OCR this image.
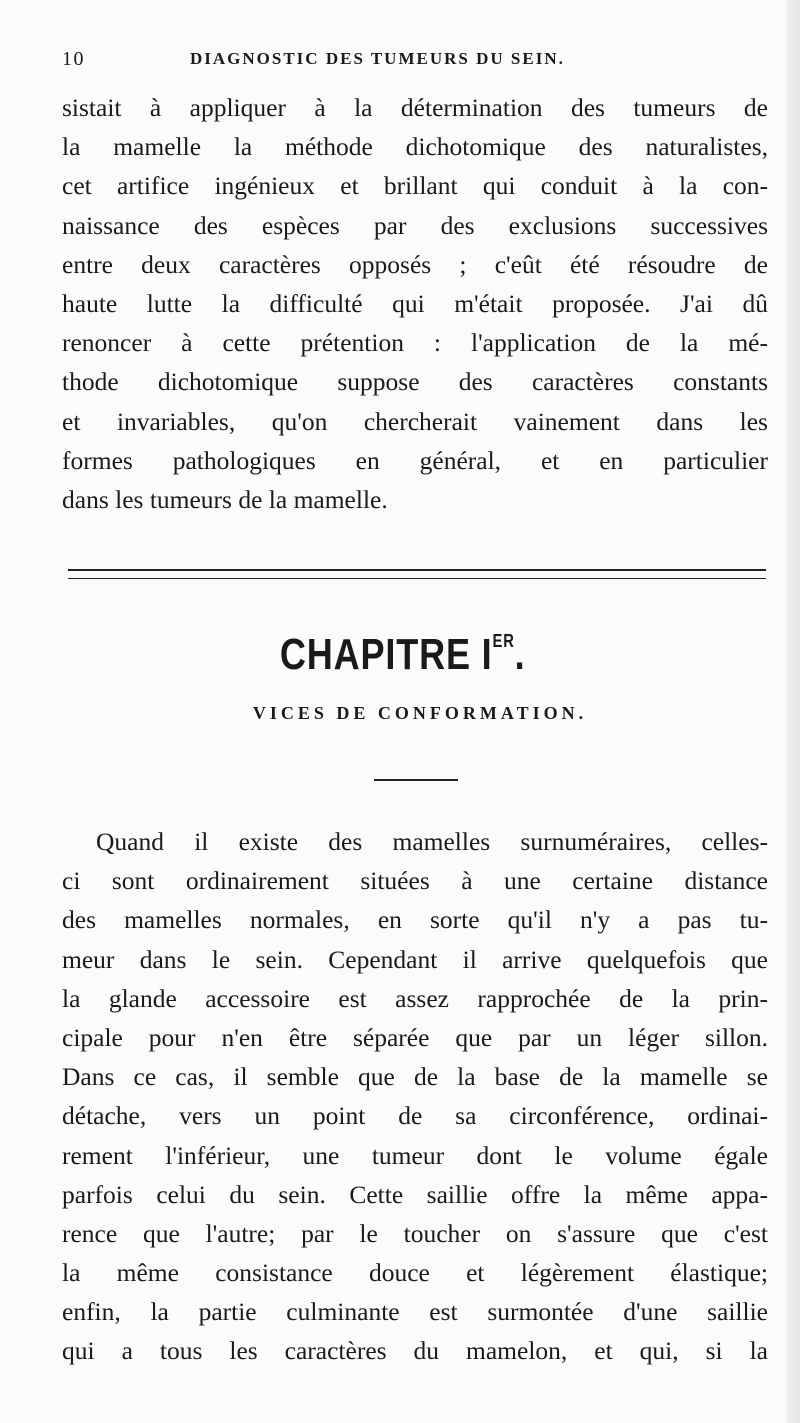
10	DIAGNOSTIC DES TUMEURS DU SEIN.
sistait à appliquer à la détermination des tumeurs de
la mamelle la méthode dichotomique des naturalistes,
cet artifice ingénieux et brillant qui conduit à la con-
naissance des espèces par des exclusions successives
entre deux caractères opposés ; c'eût été résoudre de
haute lutte la difficulté qui m'était proposée. J'ai dû
renoncer à cette prétention : l'application de la mé-
thode dichotomique suppose des caractères constants
et invariables, qu'on chercherait vainement dans les
formes pathologiques en général, et en particulier
dans les tumeurs de la mamelle.
CHAPITRE IER.
VICES DE CONFORMATION.
Quand il existe des mamelles surnuméraires, celles-
ci sont ordinairement situées à une certaine distance
des mamelles normales, en sorte qu'il n'y a pas tu-
meur dans le sein. Cependant il arrive quelquefois que
la glande accessoire est assez rapprochée de la prin-
cipale pour n'en être séparée que par un léger sillon.
Dans ce cas, il semble que de la base de la mamelle se
détache, vers un point de sa circonférence, ordinai-
rement l'inférieur, une tumeur dont le volume égale
parfois celui du sein. Cette saillie offre la même appa-
rence que l'autre; par le toucher on s'assure que c'est
la même consistance douce et légèrement élastique;
enfin, la partie culminante est surmontée d'une saillie
qui a tous les caractères du mamelon, et qui, si la
